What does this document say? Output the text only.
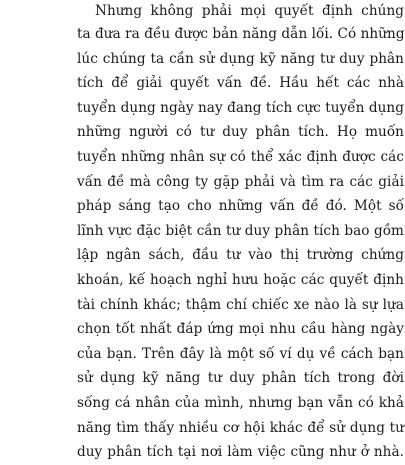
Nhưng không phải mọi quyết định chúng
ta đưa ra đều được bản năng dẫn lối. Có những
lúc chúng ta cần sử dụng kỹ năng tư duy phân
tích để giải quyết vấn đề. Hầu hết các nhà
tuyển dụng ngày nay đang tích cực tuyển dụng
những người có tư duy phân tích. Họ muốn
tuyển những nhân sự có thể xác định được các
vấn đề mà công ty gặp phải và tìm ra các giải
pháp sáng tạo cho những vấn đề đó. Một số
lĩnh vực đặc biệt cần tư duy phân tích bao gồm
lập ngân sách, đầu tư vào thị trường chứng
khoán, kế hoạch nghỉ hưu hoặc các quyết định
tài chính khác; thậm chí chiếc xe nào là sự lựa
chọn tốt nhất đáp ứng mọi nhu cầu hàng ngày
của bạn. Trên đây là một số ví dụ về cách bạn
sử dụng kỹ năng tư duy phân tích trong đời
sống cá nhân của mình, nhưng bạn vẫn có khả
năng tìm thấy nhiều cơ hội khác để sử dụng tư
duy phân tích tại nơi làm việc cũng như ở nhà.
